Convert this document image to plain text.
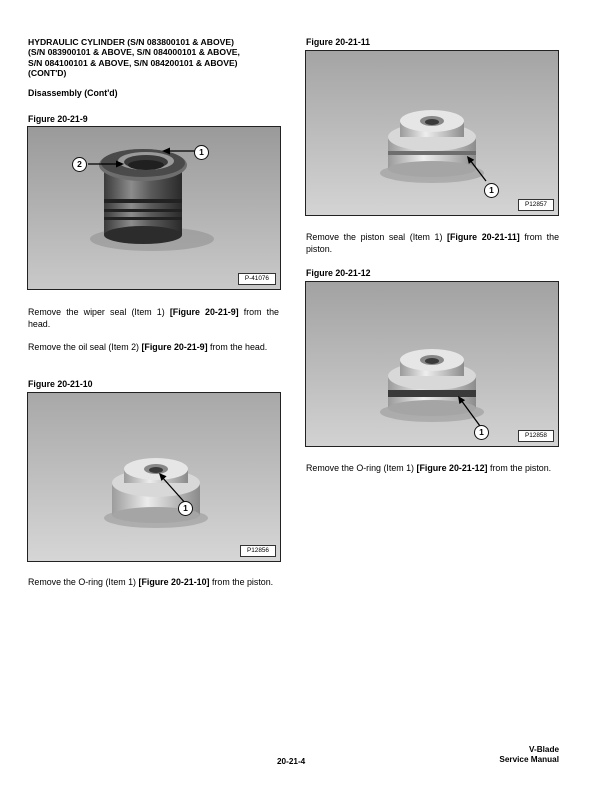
HYDRAULIC CYLINDER (S/N 083800101 & ABOVE)
(S/N 083900101 & ABOVE, S/N 084000101 & ABOVE,
S/N 084100101 & ABOVE, S/N 084200101 & ABOVE)
(CONT'D)
Disassembly (Cont'd)
Figure 20-21-9
1
2
P-41076

Remove the wiper seal (Item 1) [Figure 20-21-9] from the head.

Remove the oil seal (Item 2) [Figure 20-21-9] from the head.

Figure 20-21-10
1
P12856

Remove the O-ring (Item 1) [Figure 20-21-10] from the piston.

Figure 20-21-11
1
P12857

Remove the piston seal (Item 1) [Figure 20-21-11] from the piston.

Figure 20-21-12
1	P12858

Remove the O-ring (Item 1) [Figure 20-21-12] from the piston.

20-21-4
V-Blade
Service Manual
